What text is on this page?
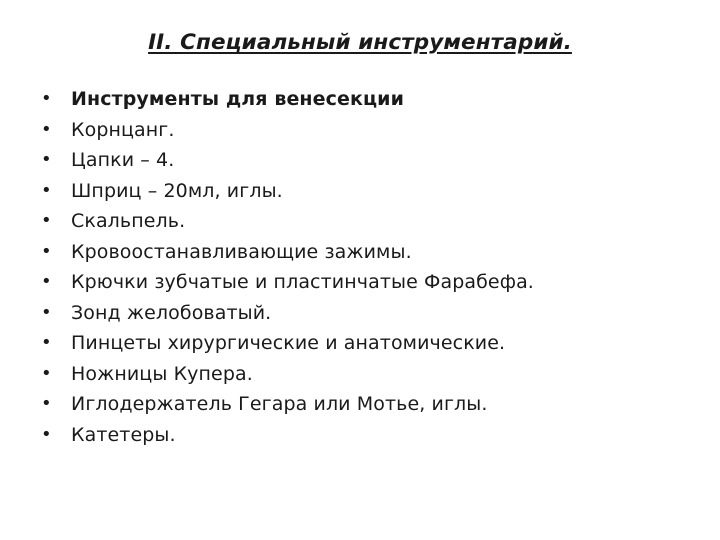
II. Специальный инструментарий.
• Инструменты для венесекции
• Корнцанг.
• Цапки – 4.
• Шприц – 20мл, иглы.
• Скальпель.
• Кровоостанавливающие зажимы.
• Крючки зубчатые и пластинчатые Фарабефа.
• Зонд желобоватый.
• Пинцеты хирургические и анатомические.
• Ножницы Купера.
• Иглодержатель Гегара или Мотье, иглы.
• Катетеры.
